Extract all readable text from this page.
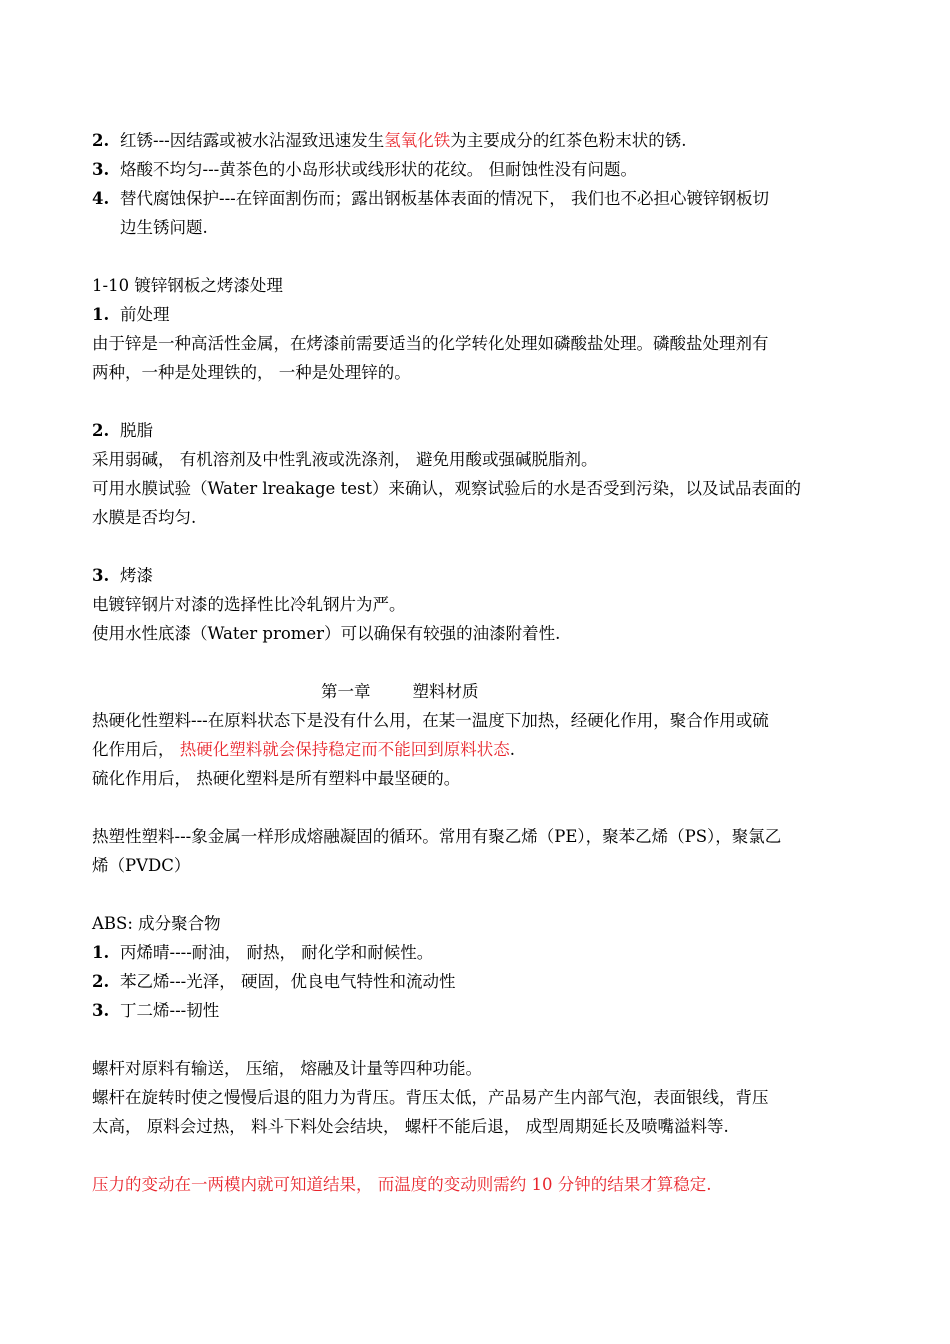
2. 红锈---因结露或被水沾湿致迅速发生氢氧化铁为主要成分的红茶色粉末状的锈.
3. 烙酸不均匀---黄茶色的小岛形状或线形状的花纹。 但耐蚀性没有问题。
4. 替代腐蚀保护---在锌面割伤而；露出钢板基体表面的情况下， 我们也不必担心镀锌钢板切
边生锈问题.
1-10 镀锌钢板之烤漆处理
1. 前处理
由于锌是一种高活性金属，在烤漆前需要适当的化学转化处理如磷酸盐处理。磷酸盐处理剂有
两种，一种是处理铁的， 一种是处理锌的。
2. 脱脂
采用弱碱， 有机溶剂及中性乳液或洗涤剂， 避免用酸或强碱脱脂剂。
可用水膜试验（Water lreakage test）来确认，观察试验后的水是否受到污染，以及试品表面的
水膜是否均匀.
3. 烤漆
电镀锌钢片对漆的选择性比冷轧钢片为严。
使用水性底漆（Water promer）可以确保有较强的油漆附着性.
第一章	塑料材质
热硬化性塑料---在原料状态下是没有什么用，在某一温度下加热，经硬化作用，聚合作用或硫
化作用后， 热硬化塑料就会保持稳定而不能回到原料状态.
硫化作用后， 热硬化塑料是所有塑料中最坚硬的。
热塑性塑料---象金属一样形成熔融凝固的循环。常用有聚乙烯（PE），聚苯乙烯（PS），聚氯乙
烯（PVDC）
ABS: 成分聚合物
1. 丙烯晴----耐油， 耐热， 耐化学和耐候性。
2. 苯乙烯---光泽， 硬固，优良电气特性和流动性
3. 丁二烯---韧性
螺杆对原料有输送， 压缩， 熔融及计量等四种功能。
螺杆在旋转时使之慢慢后退的阻力为背压。背压太低，产品易产生内部气泡，表面银线，背压
太高， 原料会过热， 料斗下料处会结块， 螺杆不能后退， 成型周期延长及喷嘴溢料等.
压力的变动在一两模内就可知道结果， 而温度的变动则需约 10 分钟的结果才算稳定.
